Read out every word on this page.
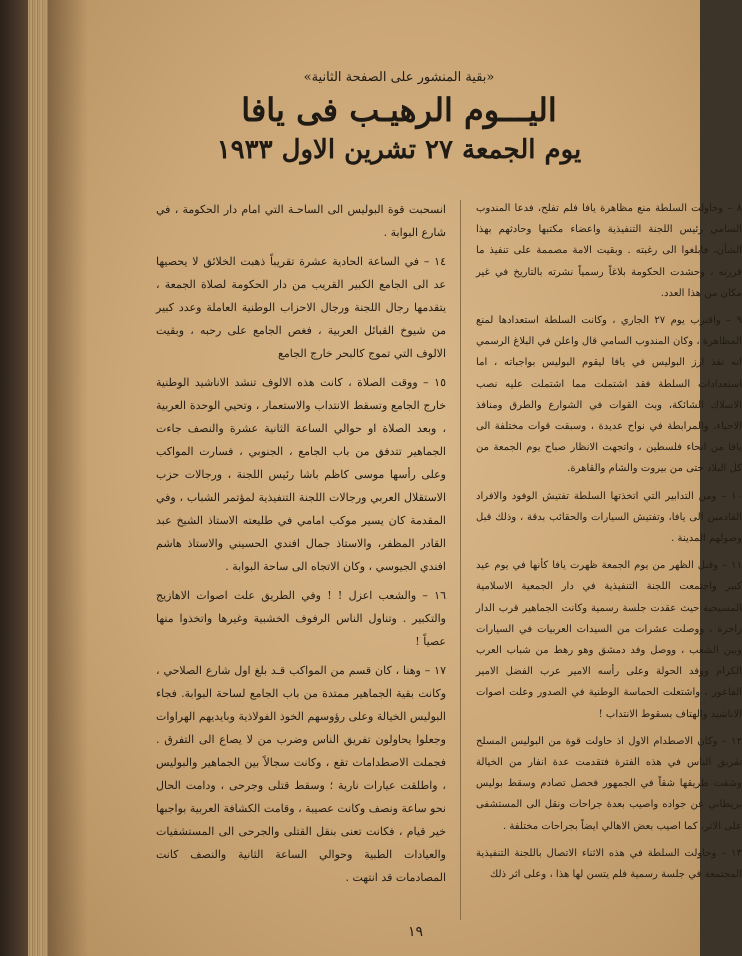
«بقية المنشور على الصفحة الثانية»
اليـــوم الرهيـب فى يافا
يوم الجمعة ٢٧ تشرين الاول ١٩٣٣

٨ – وحاولت السلطة منع مظاهرة يافا فلم تفلح، فدعا المندوب السامي رئيس اللجنة التنفيذية واعضاء مكتبها وحادثهم بهذا الشأن، فابلغوا الى رغبته . وبقيت الامة مصممة على تنفيذ ما قررته ، وحشدت الحكومة بلاغاً رسمياً نشرته بالتاريخ في غير مكان من هذا العدد.

٩ – واقترب يوم ٢٧ الجاري ، وكانت السلطة استعدادها لمنع المظاهرة ، وكان المندوب السامي قال واعلن في البلاغ الرسمي انه نفذ ارز البوليس في يافا ليقوم البوليس بواجباته ، اما استعدادات السلطة فقد اشتملت مما اشتملت عليه نصب الاسلاك الشائكة، وبث القوات في الشوارع والطرق ومنافذ الاحياء، والمرابطة في نواح عديدة ، وسبقت قوات مختلفة الى يافا من انحاء فلسطين ، واتجهت الانظار صباح يوم الجمعة من كل البلاد حتى من بيروت والشام والقاهرة.

١٠ – ومن التدابير التي اتخذتها السلطة تفتيش الوفود والافراد القادمين الى يافا، وتفتيش السيارات والحقائب بدقة ، وذلك قبل وصولهم المدينة .

١١ – وقبل الظهر من يوم الجمعة ظهرت يافا كأنها في يوم عيد كبير واجتمعت اللجنة التنفيذية في دار الجمعية الاسلامية المسيحية حيث عقدت جلسة رسمية وكانت الجماهير قرب الدار زاخرة ، ووصلت عشرات من السيدات العربيات في السيارات وبين الشعب ، ووصل وفد دمشق وهو رهط من شباب العرب الكرام ووفد الحولة وعلى رأسه الامير عرب الفضل الامير الفاعور ، واشتعلت الحماسة الوطنية في الصدور وعلت اصوات الاناشيد والهتاف بسقوط الانتداب !

١٢ – وكان الاصطدام الاول اذ حاولت قوة من البوليس المسلح تفريق الناس في هذه الفترة فتقدمت عدة انفار من الخيالة وشقت طريقها شقاً في الجمهور فحصل تصادم وسقط بوليس بريطاني عن جواده واصيب بعدة جراحات ونقل الى المستشفى على الاثر، كما اصيب بعض الاهالي ايضاً بجراحات مختلفة .

١٣ – وحاولت السلطة في هذه الاثناء الاتصال باللجنة التنفيذية المجتمعة في جلسة رسمية فلم يتسن لها هذا ، وعلى اثر ذلك

انسحبت قوة البوليس الى الساحـة التي امام دار الحكومة ، في شارع البوابة .

١٤ – في الساعة الحادية عشرة تقريباً ذهبت الخلائق لا يحصيها عد الى الجامع الكبير القريب من دار الحكومة لصلاة الجمعة ، يتقدمها رجال اللجنة ورجال الاحزاب الوطنية العاملة وعدد كبير من شيوخ القبائل العربية ، فغص الجامع على رحبه ، وبقيت الالوف التي تموج كالبحر خارج الجامع

١٥ – ووقت الصلاة ، كانت هذه الالوف تنشد الاناشيد الوطنية خارج الجامع وتسقط الانتداب والاستعمار ، وتحيي الوحدة العربية ، وبعد الصلاة او حوالي الساعة الثانية عشرة والنصف جاءت الجماهير تتدفق من باب الجامع ، الجنوبي ، فسارت المواكب وعلى رأسها موسى كاظم باشا رئيس اللجنة ، ورجالات حزب الاستقلال العربي ورجالات اللجنة التنفيذية لمؤتمر الشباب ، وفي المقدمة كان يسير موكب امامي في طليعته الاستاذ الشيخ عبد القادر المظفر، والاستاذ جمال افندي الحسيني والاستاذ هاشم افندي الجيوسي ، وكان الاتجاه الى ساحة البوابة .

١٦ – والشعب اعزل ! ! وفي الطريق علت اصوات الاهازيج والتكبير . وتناول الناس الرفوف الخشبية وغيرها واتخذوا منها عصياً !

١٧ – وهنا ، كان قسم من المواكب قـد بلغ اول شارع الصلاحي ، وكانت بقية الجماهير ممتدة من باب الجامع لساحة البوابة. فجاء البوليس الخيالة وعلى رؤوسهم الخوذ الفولاذية وبايديهم الهراوات وجعلوا يحاولون تفريق الناس وضرب من لا يصاع الى التفرق . فجملت الاصطدامات تقع ، وكانت سجالاً بين الجماهير والبوليس ، واطلقت عيارات نارية ؛ وسقط قتلى وجرحى ، ودامت الحال نحو ساعة ونصف وكانت عصيبة ، وقامت الكشافة العربية بواجبها خير قيام ، فكانت تعنى بنقل القتلى والجرحى الى المستشفيات والعيادات الطبية وحوالي الساعة الثانية والنصف كانت المصادمات قد انتهت .

١٩
